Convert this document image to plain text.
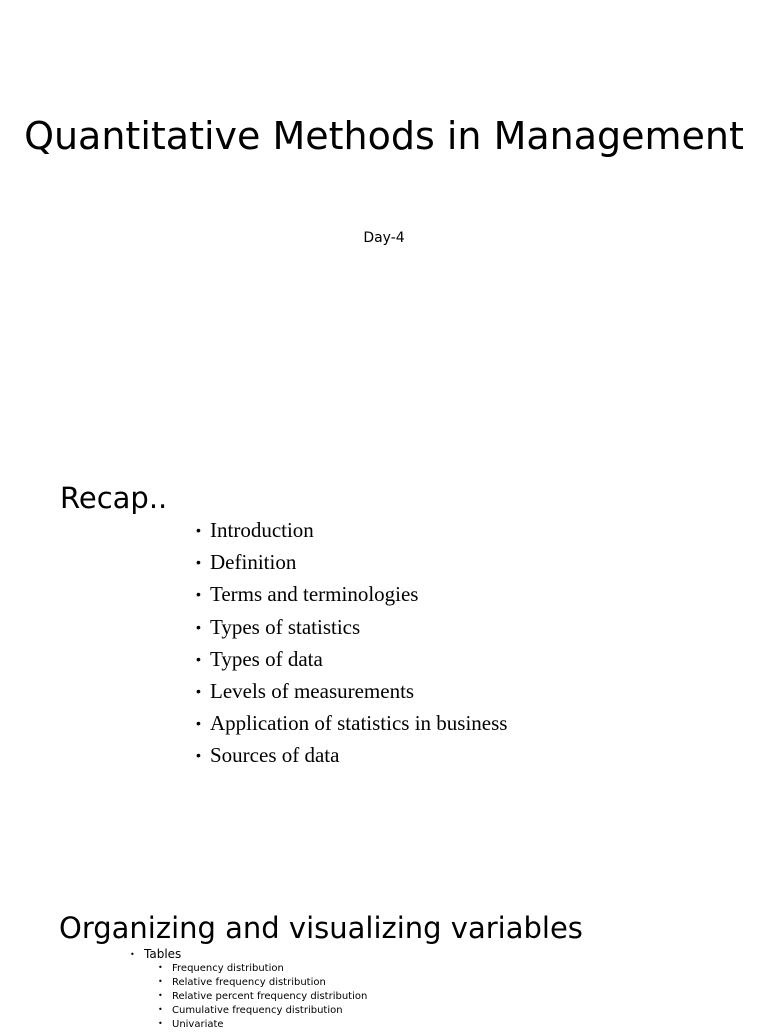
Quantitative Methods in Management
Day-4
Recap..
• Introduction
• Definition
• Terms and terminologies
• Types of statistics
• Types of data
• Levels of measurements
• Application of statistics in business
• Sources of data
Organizing and visualizing variables
• Tables
• Frequency distribution
• Relative frequency distribution
• Relative percent frequency distribution
• Cumulative frequency distribution
• Univariate
